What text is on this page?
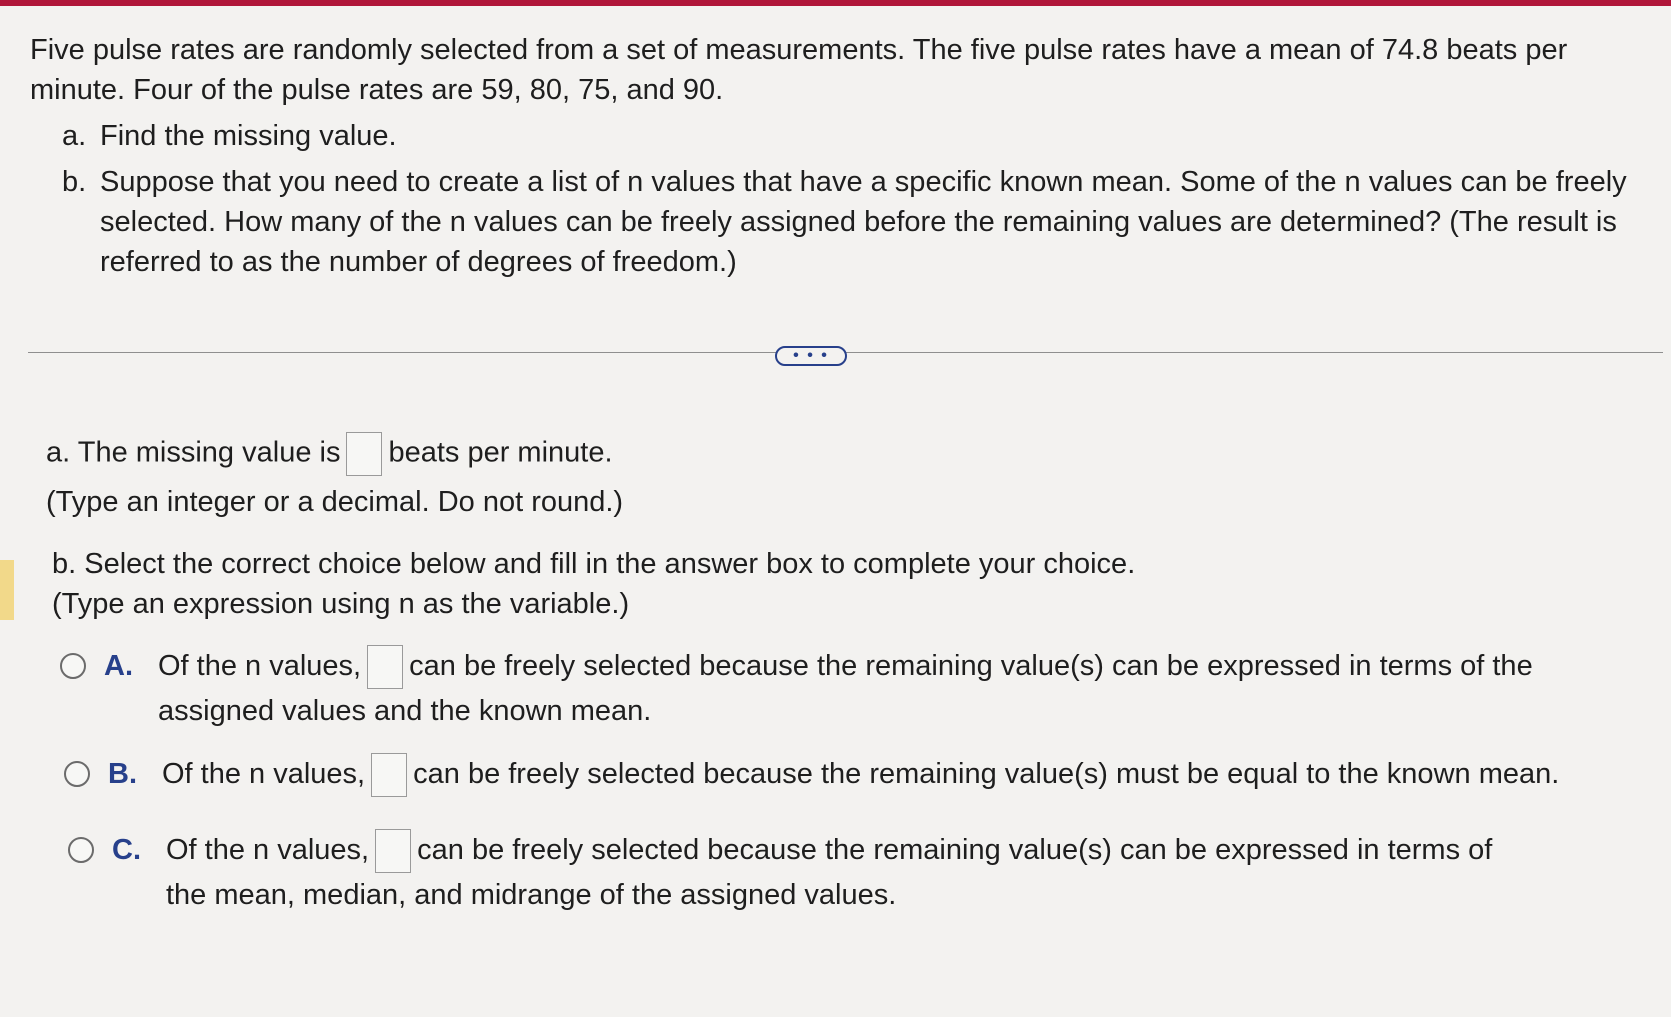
Five pulse rates are randomly selected from a set of measurements. The five pulse rates have a mean of 74.8 beats per minute. Four of the pulse rates are 59, 80, 75, and 90.

a. Find the missing value.
b. Suppose that you need to create a list of n values that have a specific known mean. Some of the n values can be freely selected. How many of the n values can be freely assigned before the remaining values are determined? (The result is referred to as the number of degrees of freedom.)
• • •

a. The missing value is beats per minute.

(Type an integer or a decimal. Do not round.)

b. Select the correct choice below and fill in the answer box to complete your choice.

(Type an expression using n as the variable.)

A. Of the n values, can be freely selected because the remaining value(s) can be expressed in terms of the
assigned values and the known mean.
B. Of the n values, can be freely selected because the remaining value(s) must be equal to the known mean.
C. Of the n values, can be freely selected because the remaining value(s) can be expressed in terms of
the mean, median, and midrange of the assigned values.
